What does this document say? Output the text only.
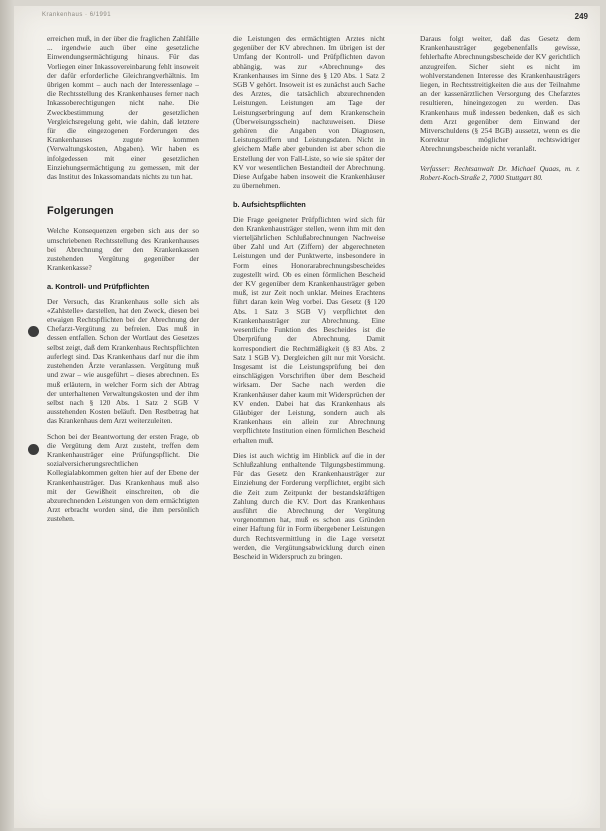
Krankenhaus · 6/1991	249

erreichen muß, in der über die fraglichen Zahlfälle ... irgendwie auch über eine gesetzliche Einwendungsermächtigung hinaus. Für das Vorliegen einer Inkassovereinbarung fehlt insoweit der dafür erforderliche Gleichrangverhältnis. Im übrigen kommt – auch nach der Interessenlage – die Rechtsstellung des Krankenhauses ferner nach Inkassoberechtigungen nicht nahe. Die Zweckbestimmung der gesetzlichen Vergleichsregelung geht, wie dahin, daß letztere für die eingezogenen Forderungen des Krankenhauses zugute kommen (Verwaltungskosten, Abgaben). Wir haben es infolgedessen mit einer gesetzlichen Einziehungsermächtigung zu gemessen, mit der das Institut des Inkassomandats nichts zu tun hat.

Folgerungen

Welche Konsequenzen ergeben sich aus der so umschriebenen Rechtsstellung des Krankenhauses bei Abrechnung der den Krankenkassen zustehenden Vergütung gegenüber der Krankenkasse?

a. Kontroll- und Prüfpflichten

Der Versuch, das Krankenhaus solle sich als «Zahlstelle» darstellen, hat den Zweck, diesen bei etwaigen Rechtspflichten bei der Abrechnung der Chefarzt-Vergütung zu befreien. Das muß in dessen entfallen. Schon der Wortlaut des Gesetzes selbst zeigt, daß dem Krankenhaus Rechtspflichten auferlegt sind. Das Krankenhaus darf nur die ihm zustehenden Ärzte veranlassen. Vergütung muß und zwar – wie ausgeführt – dieses abrechnen. Es muß erläutern, in welcher Form sich der Abtrag der unterhaltenen Verwaltungskosten und der ihm selbst nach § 120 Abs. 1 Satz 2 SGB V ausstehenden Kosten beläuft. Den Restbetrag hat das Krankenhaus dem Arzt weiterzuleiten.

Schon bei der Beantwortung der ersten Frage, ob die Vergütung dem Arzt zusteht, treffen dem Krankenhausträger eine Prüfungspflicht. Die sozialversicherungsrechtlichen Kollegialabkommen gelten hier auf der Ebene der Krankenhausträger. Das Krankenhaus muß also mit der Gewißheit einschreiten, ob die abzurechnenden Leistungen von dem ermächtigten Arzt erbracht worden sind, die ihm persönlich zustehen.

die Leistungen des ermächtigten Arztes nicht gegenüber der KV abrechnen. Im übrigen ist der Umfang der Kontroll- und Prüfpflichten davon abhängig, was zur «Abrechnung» des Krankenhauses im Sinne des § 120 Abs. 1 Satz 2 SGB V gehört. Insoweit ist es zunächst auch Sache des Arztes, die tatsächlich abzurechnenden Leistungen. Leistungen am Tage der Leistungserbringung auf dem Krankenschein (Überweisungsschein) nachzuweisen. Diese gehören die Angaben von Diagnosen, Leistungsziffern und Leistungsdaten. Nicht in gleichem Maße aber gebunden ist aber schon die Erstellung der von Fall-Liste, so wie sie später der KV vor wesentlichen Bestandteil der Abrechnung. Diese Aufgabe haben insoweit die Krankenhäuser zu übernehmen.

b. Aufsichtspflichten

Die Frage geeigneter Prüfpflichten wird sich für den Krankenhausträger stellen, wenn ihm mit den vierteljährlichen Schlußabrechnungen Nachweise über Zahl und Art (Ziffern) der abgerechneten Leistungen und der Punktwerte, insbesondere in Form eines Honorarabrechnungsbescheides zugestellt wird. Ob es einen förmlichen Bescheid der KV gegenüber dem Krankenhausträger geben muß, ist zur Zeit noch unklar. Meines Erachtens führt daran kein Weg vorbei. Das Gesetz (§ 120 Abs. 1 Satz 3 SGB V) verpflichtet den Krankenhausträger zur Abrechnung. Eine wesentliche Funktion des Bescheides ist die Überprüfung der Abrechnung. Damit korrespondiert die Rechtmäßigkeit (§ 83 Abs. 2 Satz 1 SGB V). Dergleichen gilt nur mit Vorsicht. Insgesamt ist die Leistungsprüfung bei den einschlägigen Vorschriften über dem Bescheid wirksam. Der Sache nach werden die Krankenhäuser daher kaum mit Widersprüchen der KV enden. Dabei hat das Krankenhaus als Gläubiger der Leistung, sondern auch als Krankenhaus ein allein zur Abrechnung verpflichtete Institution einen förmlichen Bescheid erhalten muß.

Dies ist auch wichtig im Hinblick auf die in der Schlußzahlung enthaltende Tilgungsbestimmung. Für das Gesetz den Krankenhausträger zur Einziehung der Forderung verpflichtet, ergibt sich die Zeit zum Zeitpunkt der bestandskräftigen Zahlung durch die KV. Dort das Krankenhaus ausführt die Abrechnung der Vergütung vorgenommen hat, muß es schon aus Gründen einer Haftung für in Form übergebener Leistungen durch Rechtsvermittlung in die Lage versetzt werden, die Vergütungsabwicklung durch einen Bescheid in Widerspruch zu bringen.

Daraus folgt weiter, daß das Gesetz dem Krankenhausträger gegebenenfalls gewisse, fehlerhafte Abrechnungsbescheide der KV gerichtlich anzugreifen. Sicher sieht es nicht im wohlverstandenen Interesse des Krankenhausträgers liegen, in Rechtsstreitigkeiten die aus der Teilnahme an der kassenärztlichen Versorgung des Chefarztes resultieren, hineingezogen zu werden. Das Krankenhaus muß indessen bedenken, daß es sich dem Arzt gegenüber dem Einwand der Mitverschuldens (§ 254 BGB) aussetzt, wenn es die Korrektur möglicher rechtswidriger Abrechnungsbescheide nicht veranlaßt.

Verfasser: Rechtsanwalt Dr. Michael Quaas, m. r. Robert-Koch-Straße 2, 7000 Stuttgart 80.
